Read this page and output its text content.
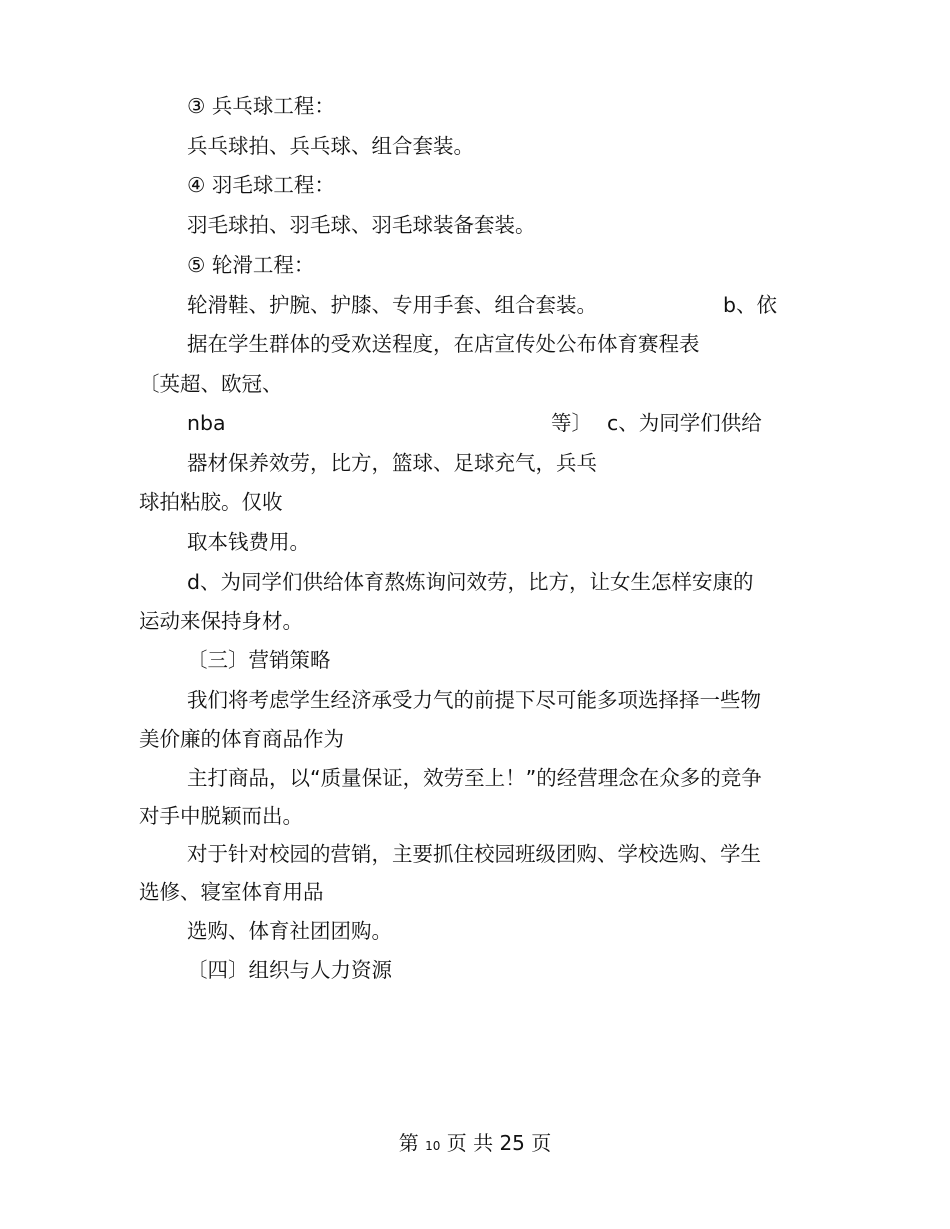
③ 兵乓球工程：

兵乓球拍、兵乓球、组合套装。

④ 羽毛球工程：

羽毛球拍、羽毛球、羽毛球装备套装。

⑤ 轮滑工程：

轮滑鞋、护腕、护膝、专用手套、组合套装。	b、依

据在学生群体的受欢送程度，在店宣传处公布体育赛程表

〔英超、欧冠、

nba	等〕 c、为同学们供给

器材保养效劳，比方，篮球、足球充气，兵乓

球拍粘胶。仅收

取本钱费用。

d、为同学们供给体育熬炼询问效劳，比方，让女生怎样安康的

运动来保持身材。

〔三〕营销策略

我们将考虑学生经济承受力气的前提下尽可能多项选择择一些物

美价廉的体育商品作为

主打商品，以“质量保证，效劳至上！”的经营理念在众多的竞争

对手中脱颖而出。

对于针对校园的营销，主要抓住校园班级团购、学校选购、学生

选修、寝室体育用品

选购、体育社团团购。

〔四〕组织与人力资源

第 10 页 共 25 页
